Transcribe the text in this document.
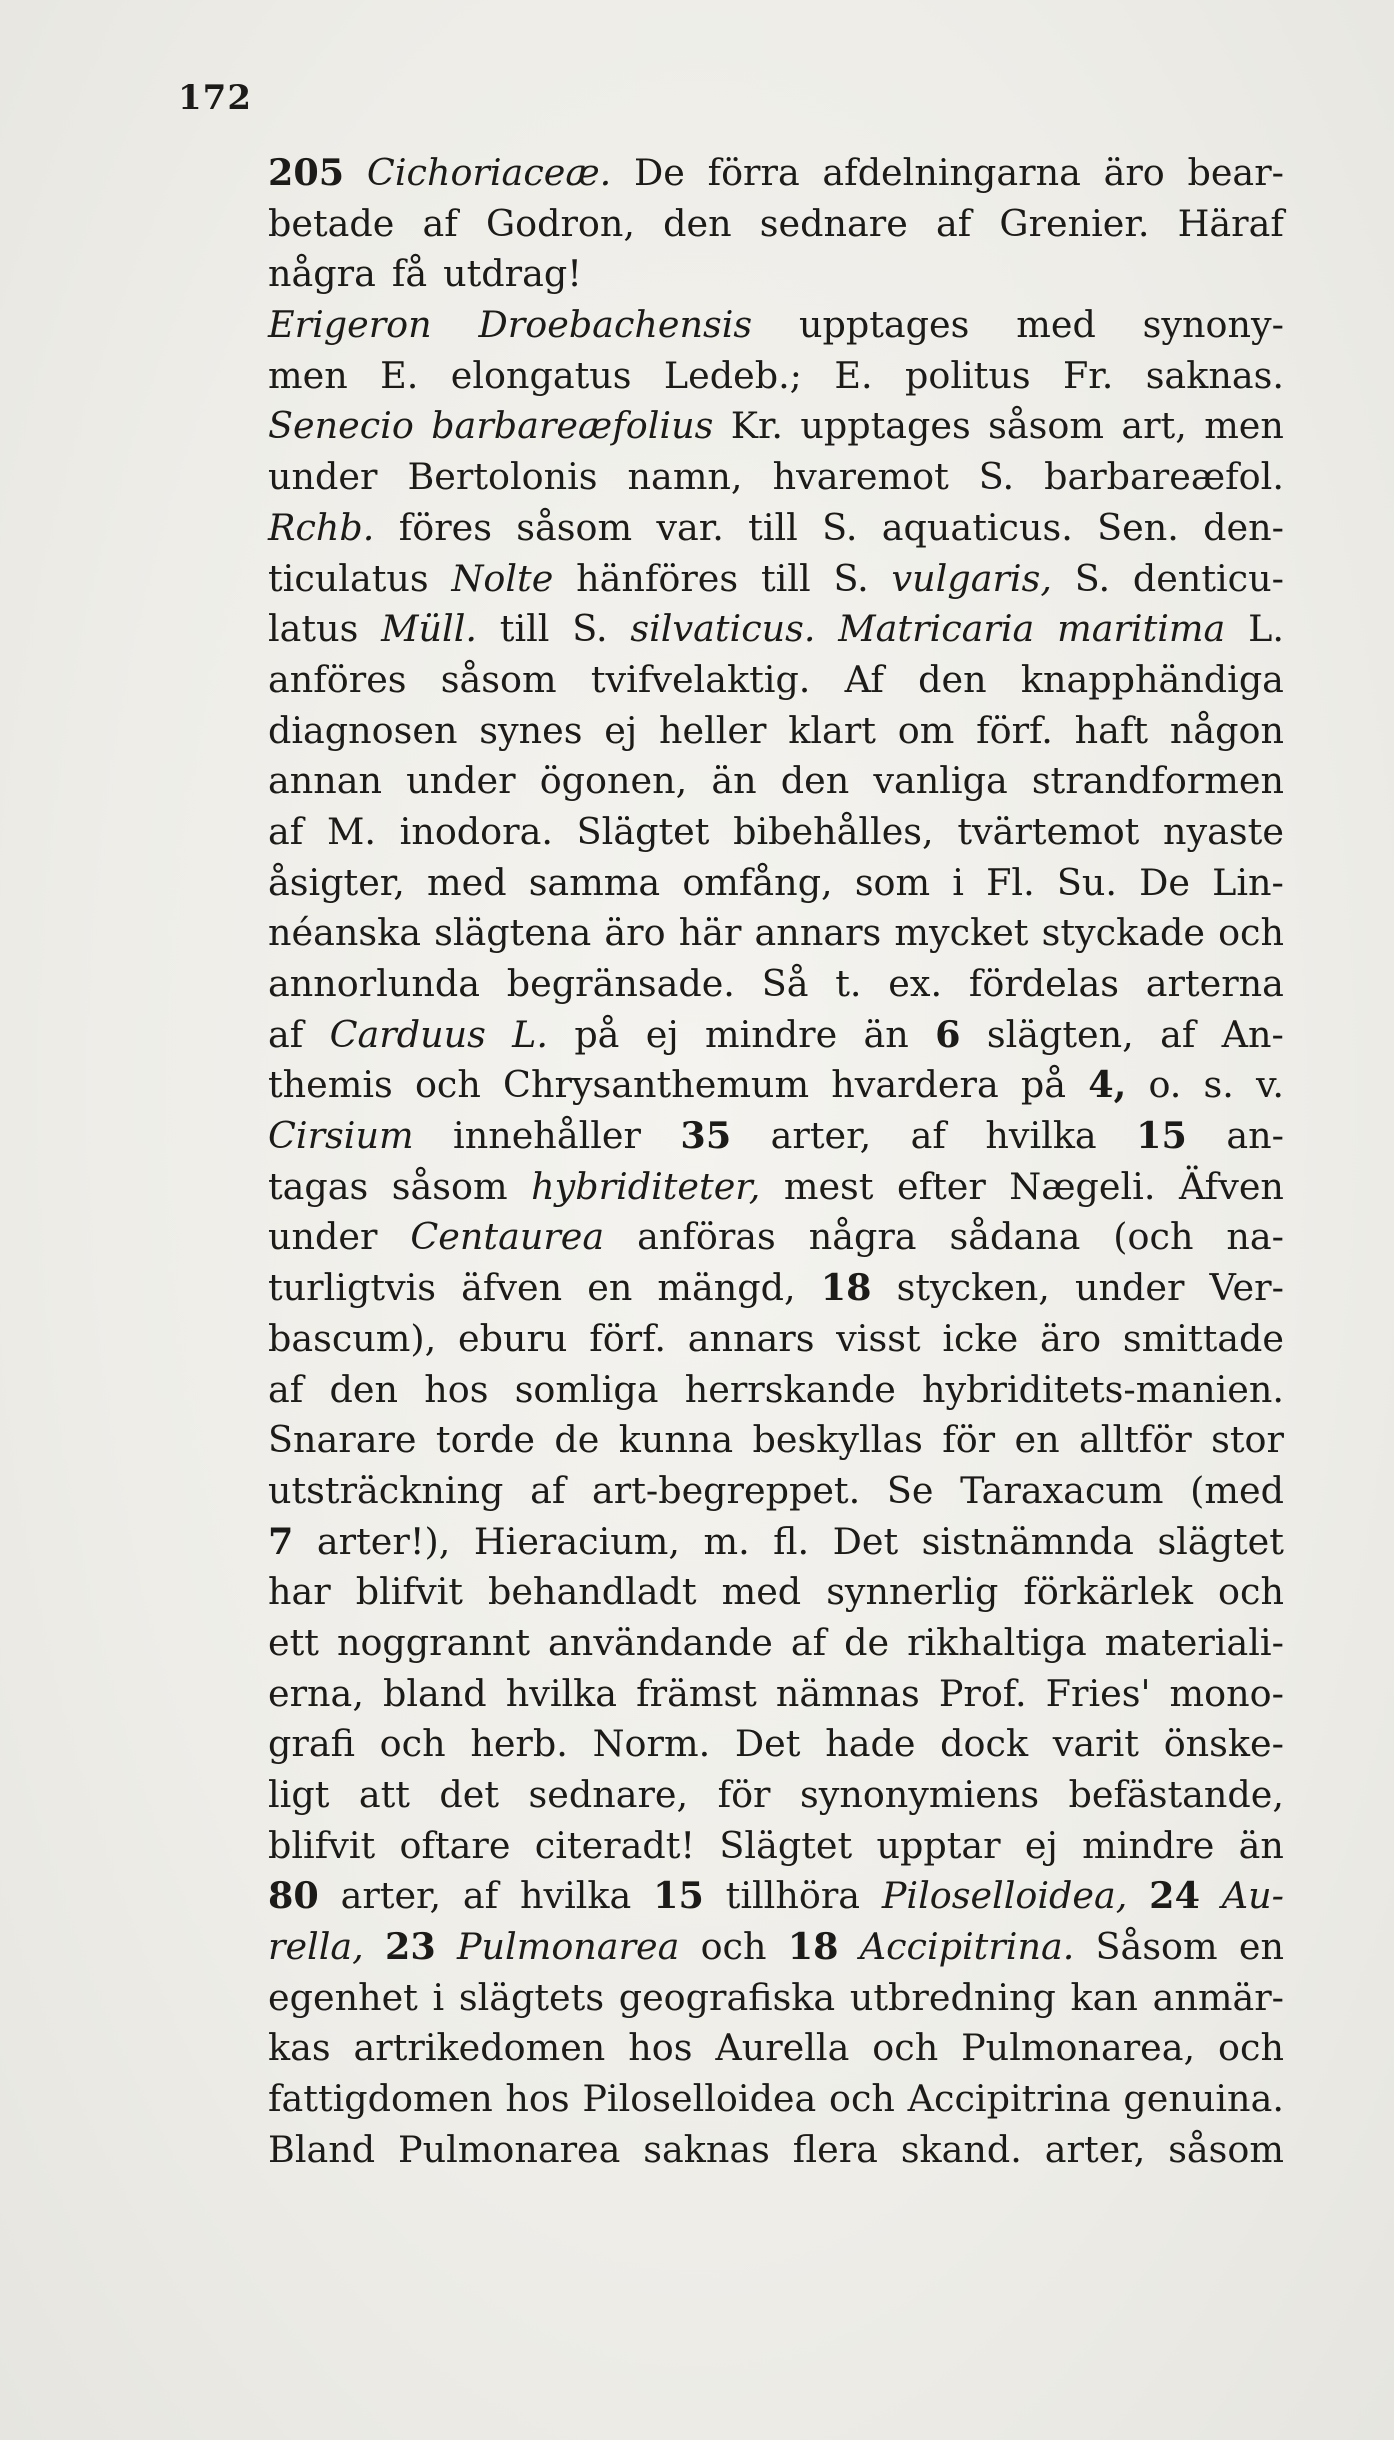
172
205 Cichoriaceæ. De förra afdelningarna äro bear-
betade af Godron, den sednare af Grenier. Häraf
några få utdrag!
Erigeron Droebachensis upptages med synony-
men E. elongatus Ledeb.; E. politus Fr. saknas.
Senecio barbareæfolius Kr. upptages såsom art, men
under Bertolonis namn, hvaremot S. barbareæfol.
Rchb. föres såsom var. till S. aquaticus. Sen. den-
ticulatus Nolte hänföres till S. vulgaris, S. denticu-
latus Müll. till S. silvaticus. Matricaria maritima L.
anföres såsom tvifvelaktig. Af den knapphändiga
diagnosen synes ej heller klart om förf. haft någon
annan under ögonen, än den vanliga strandformen
af M. inodora. Slägtet bibehålles, tvärtemot nyaste
åsigter, med samma omfång, som i Fl. Su. De Lin-
néanska slägtena äro här annars mycket styckade och
annorlunda begränsade. Så t. ex. fördelas arterna
af Carduus L. på ej mindre än 6 slägten, af An-
themis och Chrysanthemum hvardera på 4, o. s. v.
Cirsium innehåller 35 arter, af hvilka 15 an-
tagas såsom hybriditeter, mest efter Nægeli. Äfven
under Centaurea anföras några sådana (och na-
turligtvis äfven en mängd, 18 stycken, under Ver-
bascum), eburu förf. annars visst icke äro smittade
af den hos somliga herrskande hybriditets-manien.
Snarare torde de kunna beskyllas för en alltför stor
utsträckning af art-begreppet. Se Taraxacum (med
7 arter!), Hieracium, m. fl. Det sistnämnda slägtet
har blifvit behandladt med synnerlig förkärlek och
ett noggrannt användande af de rikhaltiga materiali-
erna, bland hvilka främst nämnas Prof. Fries' mono-
grafi och herb. Norm. Det hade dock varit önske-
ligt att det sednare, för synonymiens befästande,
blifvit oftare citeradt! Slägtet upptar ej mindre än
80 arter, af hvilka 15 tillhöra Piloselloidea, 24 Au-
rella, 23 Pulmonarea och 18 Accipitrina. Såsom en
egenhet i slägtets geografiska utbredning kan anmär-
kas artrikedomen hos Aurella och Pulmonarea, och
fattigdomen hos Piloselloidea och Accipitrina genuina.
Bland Pulmonarea saknas flera skand. arter, såsom
